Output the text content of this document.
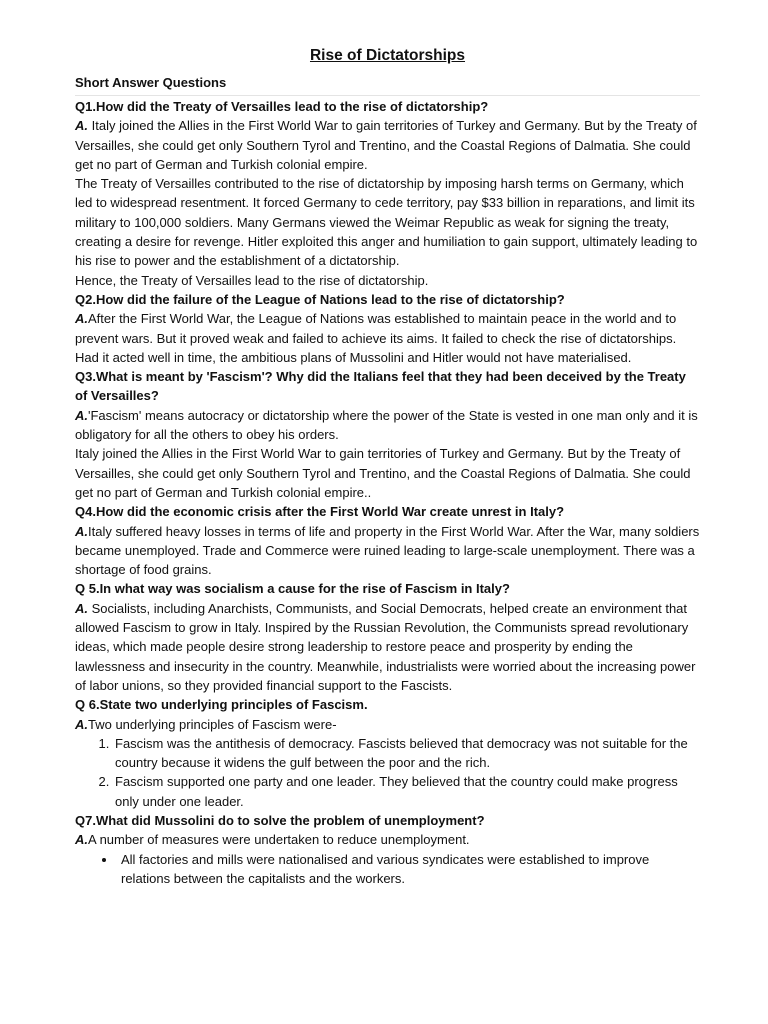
Rise of Dictatorships
Short Answer Questions

Q1.How did the Treaty of Versailles lead to the rise of dictatorship?

A. Italy joined the Allies in the First World War to gain territories of Turkey and Germany. But by the Treaty of Versailles, she could get only Southern Tyrol and Trentino, and the Coastal Regions of Dalmatia. She could get no part of German and Turkish colonial empire.

The Treaty of Versailles contributed to the rise of dictatorship by imposing harsh terms on Germany, which led to widespread resentment. It forced Germany to cede territory, pay $33 billion in reparations, and limit its military to 100,000 soldiers. Many Germans viewed the Weimar Republic as weak for signing the treaty, creating a desire for revenge. Hitler exploited this anger and humiliation to gain support, ultimately leading to his rise to power and the establishment of a dictatorship.

Hence, the Treaty of Versailles lead to the rise of dictatorship.

Q2.How did the failure of the League of Nations lead to the rise of dictatorship?

A.After the First World War, the League of Nations was established to maintain peace in the world and to prevent wars. But it proved weak and failed to achieve its aims. It failed to check the rise of dictatorships. Had it acted well in time, the ambitious plans of Mussolini and Hitler would not have materialised.

Q3.What is meant by 'Fascism'? Why did the Italians feel that they had been deceived by the Treaty of Versailles?

A.'Fascism' means autocracy or dictatorship where the power of the State is vested in one man only and it is obligatory for all the others to obey his orders.

Italy joined the Allies in the First World War to gain territories of Turkey and Germany. But by the Treaty of Versailles, she could get only Southern Tyrol and Trentino, and the Coastal Regions of Dalmatia. She could get no part of German and Turkish colonial empire..

Q4.How did the economic crisis after the First World War create unrest in Italy?

A.Italy suffered heavy losses in terms of life and property in the First World War. After the War, many soldiers became unemployed. Trade and Commerce were ruined leading to large-scale unemployment. There was a shortage of food grains.

Q 5.In what way was socialism a cause for the rise of Fascism in Italy?

A. Socialists, including Anarchists, Communists, and Social Democrats, helped create an environment that allowed Fascism to grow in Italy. Inspired by the Russian Revolution, the Communists spread revolutionary ideas, which made people desire strong leadership to restore peace and prosperity by ending the lawlessness and insecurity in the country. Meanwhile, industrialists were worried about the increasing power of labor unions, so they provided financial support to the Fascists.

Q 6.State two underlying principles of Fascism.

A.Two underlying principles of Fascism were-

1. Fascism was the antithesis of democracy. Fascists believed that democracy was not suitable for the country because it widens the gulf between the poor and the rich.
2. Fascism supported one party and one leader. They believed that the country could make progress only under one leader.

Q7.What did Mussolini do to solve the problem of unemployment?

A.A number of measures were undertaken to reduce unemployment.

• All factories and mills were nationalised and various syndicates were established to improve relations between the capitalists and the workers.
